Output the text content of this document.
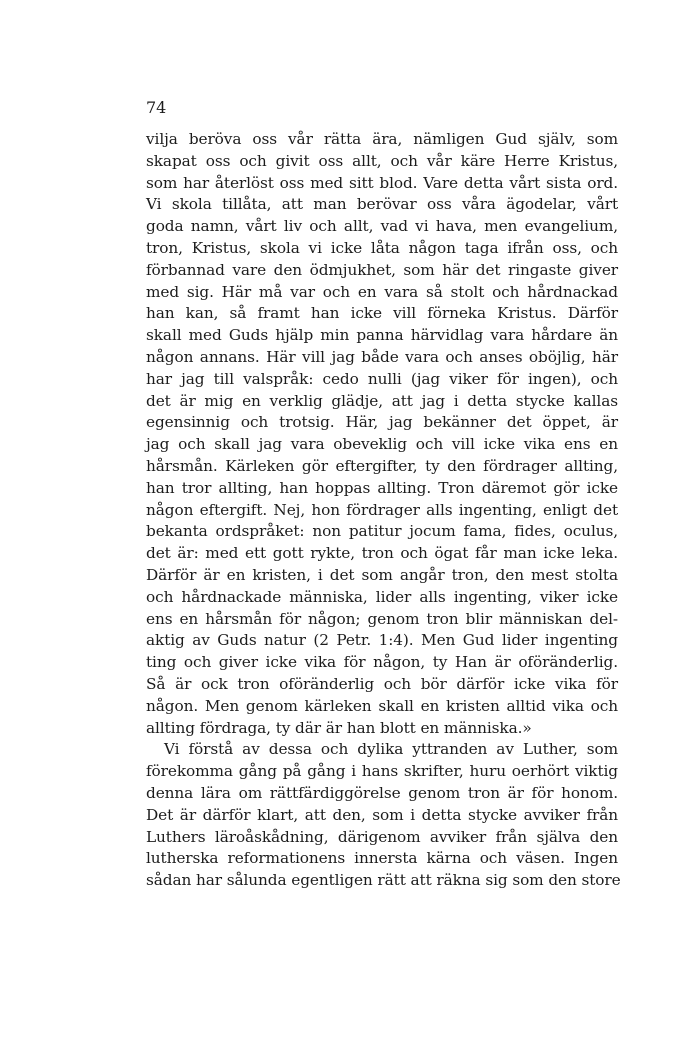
74

vilja beröva oss vår rätta ära, nämligen Gud själv, som
skapat oss och givit oss allt, och vår käre Herre Kristus,
som har återlöst oss med sitt blod. Vare detta vårt sista ord.
Vi skola tillåta, att man berövar oss våra ägodelar, vårt
goda namn, vårt liv och allt, vad vi hava, men evangelium,
tron, Kristus, skola vi icke låta någon taga ifrån oss, och
förbannad vare den ödmjukhet, som här det ringaste giver
med sig. Här må var och en vara så stolt och hårdnackad
han kan, så framt han icke vill förneka Kristus. Därför
skall med Guds hjälp min panna härvidlag vara hårdare än
någon annans. Här vill jag både vara och anses oböjlig, här
har jag till valspråk: cedo nulli (jag viker för ingen), och
det är mig en verklig glädje, att jag i detta stycke kallas
egensinnig och trotsig. Här, jag bekänner det öppet, är
jag och skall jag vara obeveklig och vill icke vika ens en
hårsmån. Kärleken gör eftergifter, ty den fördrager allting,
han tror allting, han hoppas allting. Tron däremot gör icke
någon eftergift. Nej, hon fördrager alls ingenting, enligt det
bekanta ordspråket: non patitur jocum fama, fides, oculus,
det är: med ett gott rykte, tron och ögat får man icke leka.
Därför är en kristen, i det som angår tron, den mest stolta
och hårdnackade människa, lider alls ingenting, viker icke
ens en hårsmån för någon; genom tron blir människan del-
aktig av Guds natur (2 Petr. 1:4). Men Gud lider ingenting
ting och giver icke vika för någon, ty Han är oföränderlig.
Så är ock tron oföränderlig och bör därför icke vika för
någon. Men genom kärleken skall en kristen alltid vika och
allting fördraga, ty där är han blott en människa.»

Vi förstå av dessa och dylika yttranden av Luther, som
förekomma gång på gång i hans skrifter, huru oerhört viktig
denna lära om rättfärdiggörelse genom tron är för honom.
Det är därför klart, att den, som i detta stycke avviker från
Luthers läroåskådning, därigenom avviker från själva den
lutherska reformationens innersta kärna och väsen. Ingen
sådan har sålunda egentligen rätt att räkna sig som den store
